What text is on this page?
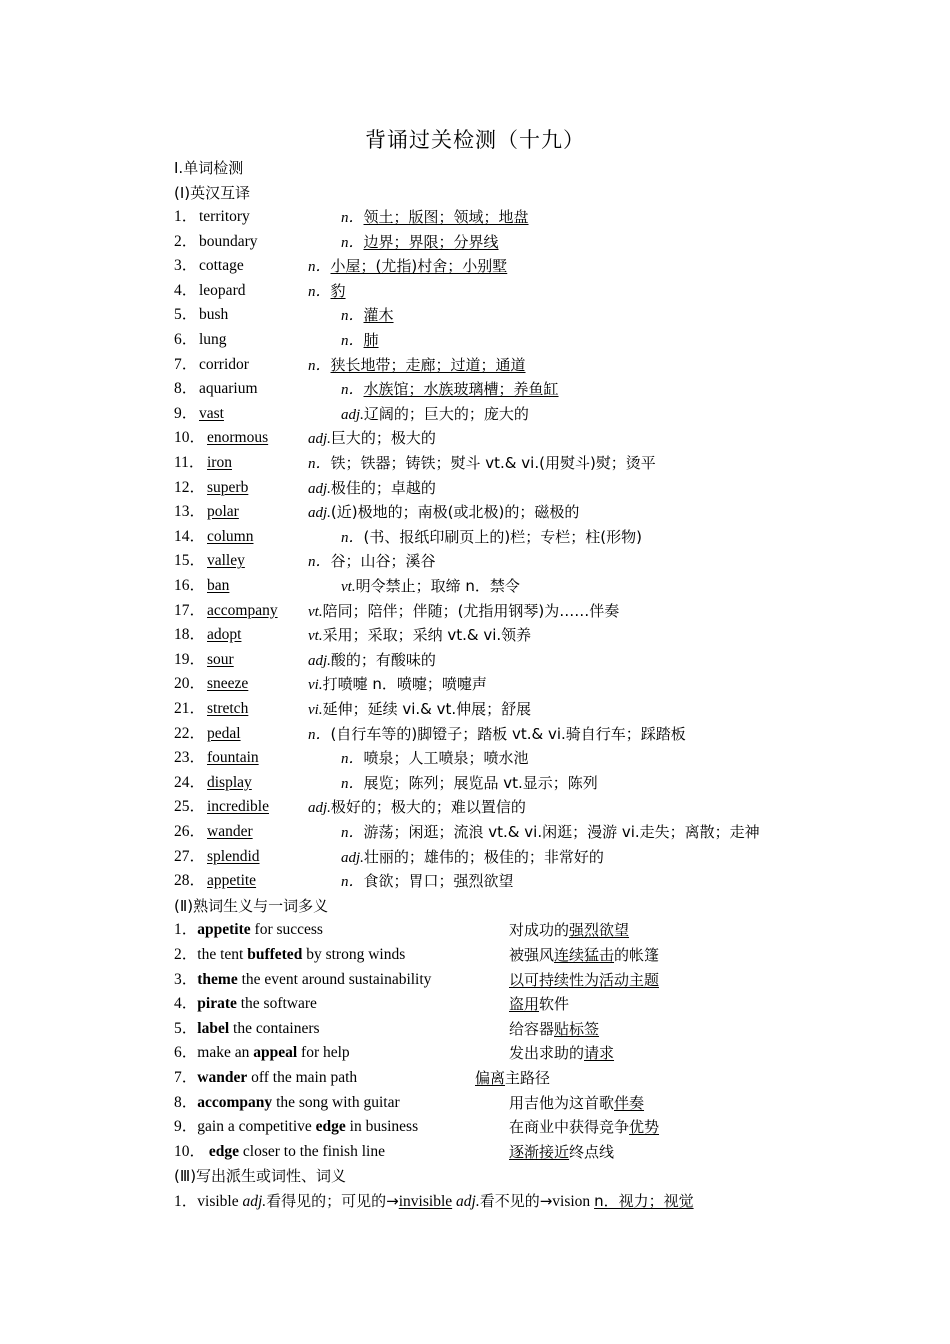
背诵过关检测（十九）
I.单词检测
(I)英汉互译
1． territory	n．领土；版图；领域；地盘
2． boundary	n．边界；界限；分界线
3． cottage	n．小屋；(尤指)村舍；小别墅
4． leopard	n．豹
5． bush	n．灌木
6． lung	n．肺
7． corridor	n．狭长地带；走廊；过道；通道
8． aquarium	n．水族馆；水族玻璃槽；养鱼缸
9． vast	adj.辽阔的；巨大的；庞大的
10． enormous	adj.巨大的；极大的
11． iron	n．铁；铁器；铸铁；熨斗 vt.& vi.(用熨斗)熨；烫平
12． superb	adj.极佳的；卓越的
13． polar	adj.(近)极地的；南极(或北极)的；磁极的
14． column	n．(书、报纸印刷页上的)栏；专栏；柱(形物)
15． valley	n．谷；山谷；溪谷
16． ban	vt.明令禁止；取缔 n．禁令
17． accompany vt.陪同；陪伴；伴随；(尤指用钢琴)为……伴奏
18． adopt	vt.采用；采取；采纳 vt.& vi.领养
19． sour	adj.酸的；有酸味的
20． sneeze	vi.打喷嚏 n．喷嚏；喷嚏声
21． stretch	vi.延伸；延续 vi.& vt.伸展；舒展
22． pedal	n．(自行车等的)脚镫子；踏板 vt.& vi.骑自行车；踩踏板
23． fountain	n．喷泉；人工喷泉；喷水池
24． display	n．展览；陈列；展览品 vt.显示；陈列
25． incredible	adj.极好的；极大的；难以置信的
26． wander	n．游荡；闲逛；流浪 vt.& vi.闲逛；漫游 vi.走失；离散；走神
27． splendid	adj.壮丽的；雄伟的；极佳的；非常好的
28． appetite	n．食欲；胃口；强烈欲望
(Ⅱ)熟词生义与一词多义
1．appetite for success	对成功的强烈欲望
2．the tent buffeted by strong winds	被强风连续猛击的帐篷
3．theme the event around sustainability	以可持续性为活动主题
4．pirate the software	盗用软件
5．label the containers	给容器贴标签
6．make an appeal for help	发出求助的请求
7．wander off the main path	偏离主路径
8．accompany the song with guitar	用吉他为这首歌伴奏
9．gain a competitive edge in business	在商业中获得竞争优势
10． edge closer to the finish line	逐渐接近终点线
(Ⅲ)写出派生或词性、词义
1．visible adj.看得见的；可见的→invisible adj.看不见的→vision n．视力；视觉
